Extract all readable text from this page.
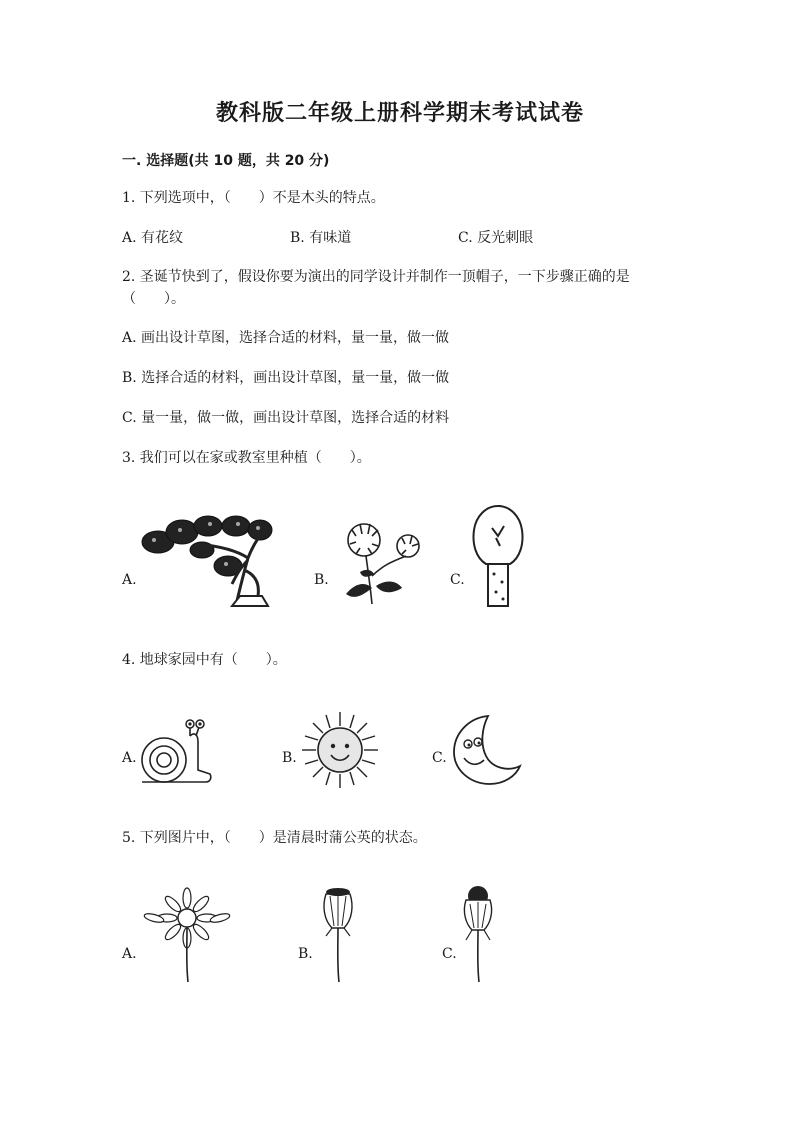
教科版二年级上册科学期末考试试卷
一. 选择题(共 10 题，共 20 分)
1. 下列选项中，（　　）不是木头的特点。
A. 有花纹	B. 有味道	C. 反光刺眼
2. 圣诞节快到了，假设你要为演出的同学设计并制作一顶帽子，一下步骤正确的是（　　）。
A. 画出设计草图，选择合适的材料，量一量，做一做
B. 选择合适的材料，画出设计草图，量一量，做一做
C. 量一量，做一做，画出设计草图，选择合适的材料
3. 我们可以在家或教室里种植（　　）。
A.	B.	C.
4. 地球家园中有（　　）。
A.	B.	C.
5. 下列图片中，（　　）是清晨时蒲公英的状态。
A.	B.	C.
